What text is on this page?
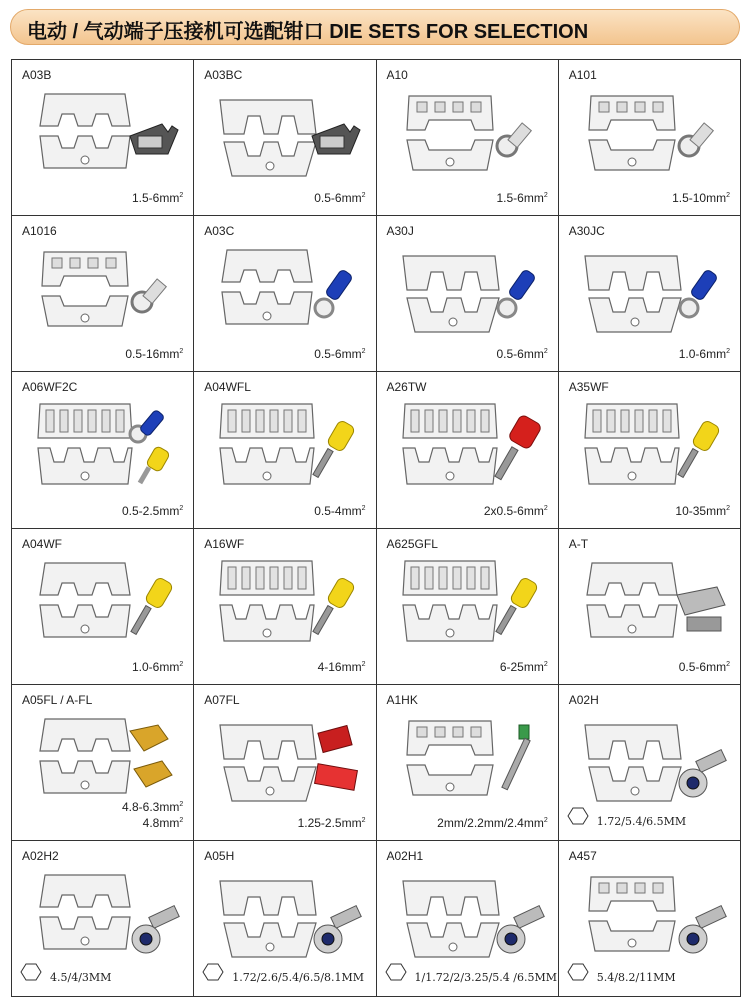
电动 / 气动端子压接机可选配钳口 DIE SETS FOR SELECTION
A03B
$1.5-6mm^2$
A03BC
$0.5-6mm^2$
A10
$1.5-6mm^2$
A101
$1.5-10mm^2$
A1016
$0.5-16mm^2$
A03C
$0.5-6mm^2$
A30J
$0.5-6mm^2$
A30JC
$1.0-6mm^2$
A06WF2C
$0.5-2.5mm^2$
A04WFL
$0.5-4mm^2$
A26TW
$2x0.5-6mm^2$
A35WF
$10-35mm^2$
A04WF
$1.0-6mm^2$
A16WF
$4-16mm^2$
A625GFL
$6-25mm^2$
A-T
$0.5-6mm^2$
A05FL / A-FL
$4.8-6.3mm^2$
$4.8mm^2$
A07FL
$1.25-2.5mm^2$
A1HK
$2mm/2.2mm/2.4mm^2$
A02H
1.72/5.4/6.5MM
A02H2
4.5/4/3MM
A05H
1.72/2.6/5.4/6.5/8.1MM
A02H1
1/1.72/2/3.25/5.4 /6.5MM
A457
5.4/8.2/11MM
